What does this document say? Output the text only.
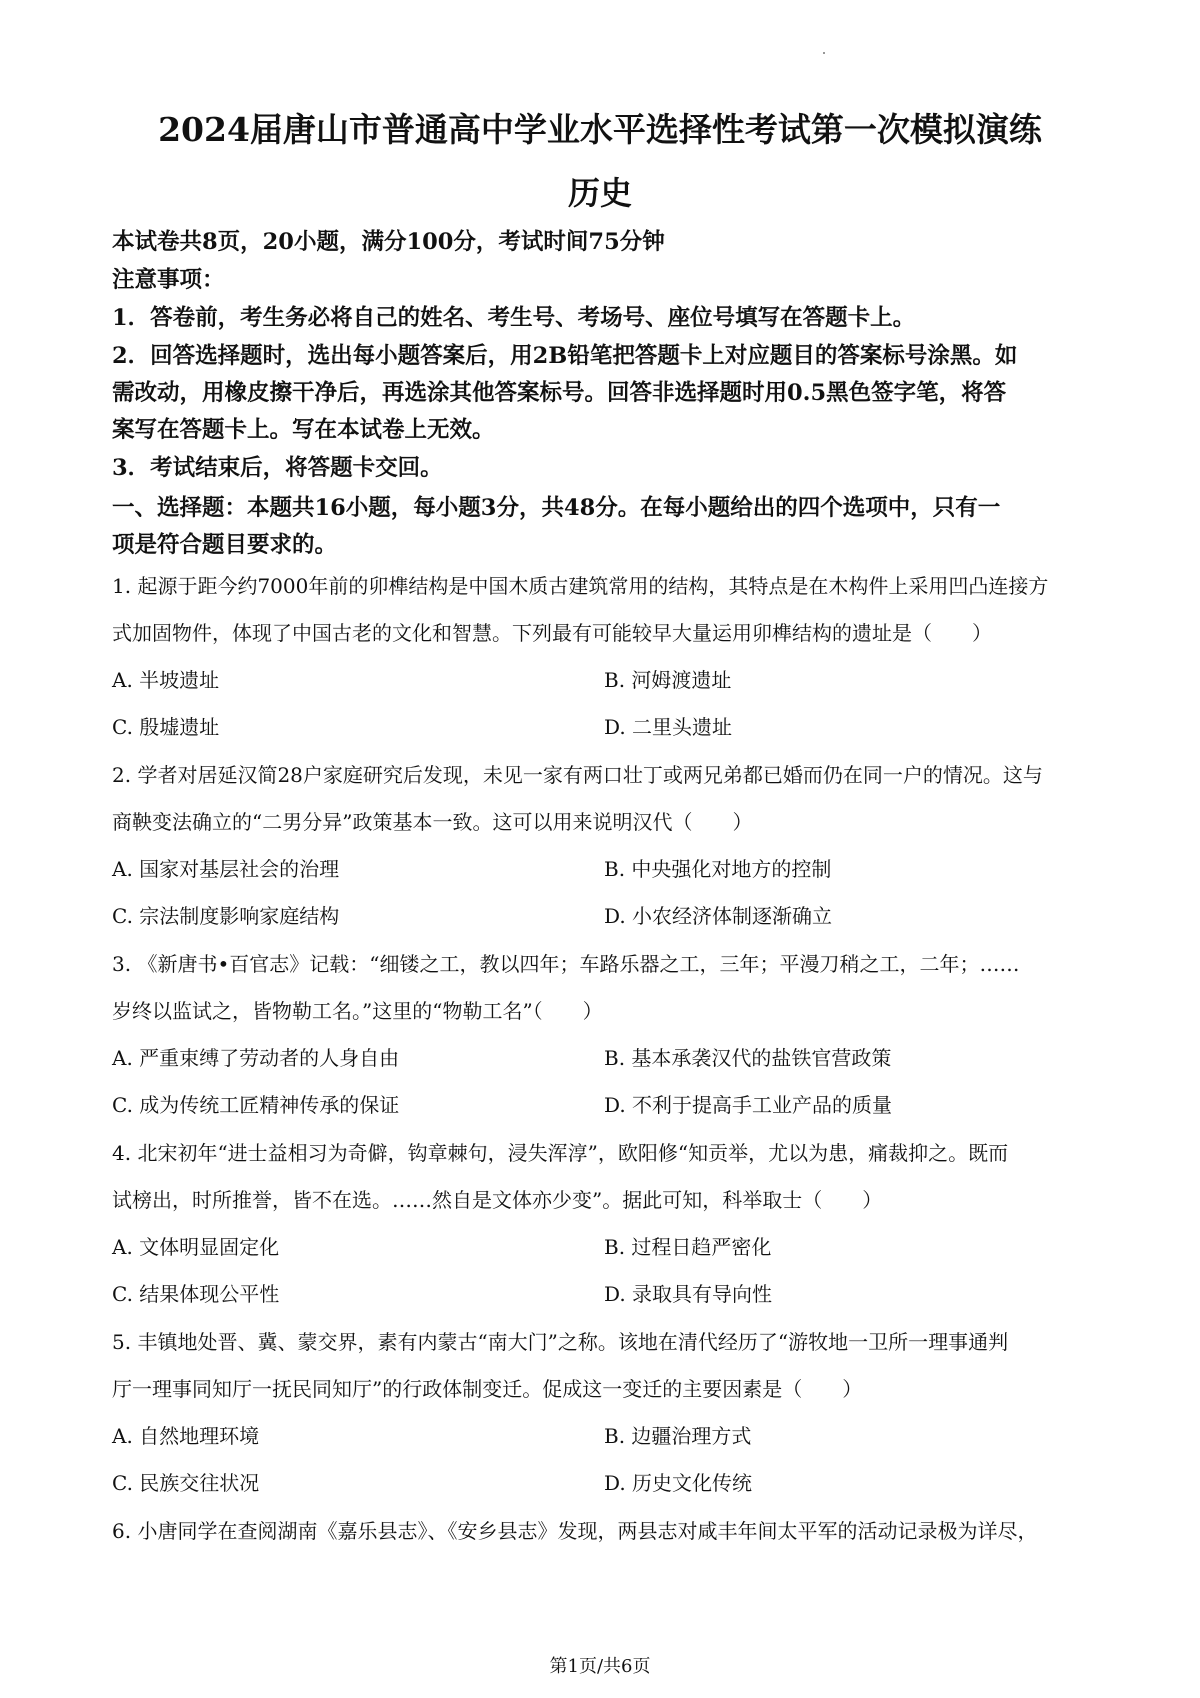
2024届唐山市普通高中学业水平选择性考试第一次模拟演练
历史
本试卷共8页，20小题，满分100分，考试时间75分钟
注意事项：
1．答卷前，考生务必将自己的姓名、考生号、考场号、座位号填写在答题卡上。
2．回答选择题时，选出每小题答案后，用2B铅笔把答题卡上对应题目的答案标号涂黑。如
需改动，用橡皮擦干净后，再选涂其他答案标号。回答非选择题时用0.5黑色签字笔，将答
案写在答题卡上。写在本试卷上无效。
3．考试结束后，将答题卡交回。
一、选择题：本题共16小题，每小题3分，共48分。在每小题给出的四个选项中，只有一
项是符合题目要求的。
1. 起源于距今约7000年前的卯榫结构是中国木质古建筑常用的结构，其特点是在木构件上采用凹凸连接方
式加固物件，体现了中国古老的文化和智慧。下列最有可能较早大量运用卯榫结构的遗址是（　　）
A. 半坡遗址	B. 河姆渡遗址
C. 殷墟遗址	D. 二里头遗址
2. 学者对居延汉简28户家庭研究后发现，未见一家有两口壮丁或两兄弟都已婚而仍在同一户的情况。这与
商鞅变法确立的“二男分异”政策基本一致。这可以用来说明汉代（　　）
A. 国家对基层社会的治理	B. 中央强化对地方的控制
C. 宗法制度影响家庭结构	D. 小农经济体制逐渐确立
3. 《新唐书•百官志》记载：“细镂之工，教以四年；车路乐器之工，三年；平漫刀稍之工，二年；……
岁终以监试之，皆物勒工名。”这里的“物勒工名”（　　）
A. 严重束缚了劳动者的人身自由	B. 基本承袭汉代的盐铁官营政策
C. 成为传统工匠精神传承的保证	D. 不利于提高手工业产品的质量
4. 北宋初年“进士益相习为奇僻，钩章棘句，浸失浑淳”，欧阳修“知贡举，尤以为患，痛裁抑之。既而
试榜出，时所推誉，皆不在选。……然自是文体亦少变”。据此可知，科举取士（　　）
A. 文体明显固定化	B. 过程日趋严密化
C. 结果体现公平性	D. 录取具有导向性
5. 丰镇地处晋、冀、蒙交界，素有内蒙古“南大门”之称。该地在清代经历了“游牧地一卫所一理事通判
厅一理事同知厅一抚民同知厅”的行政体制变迁。促成这一变迁的主要因素是（　　）
A. 自然地理环境	B. 边疆治理方式
C. 民族交往状况	D. 历史文化传统
6. 小唐同学在查阅湖南《嘉乐县志》、《安乡县志》发现，两县志对咸丰年间太平军的活动记录极为详尽，
第1页/共6页
